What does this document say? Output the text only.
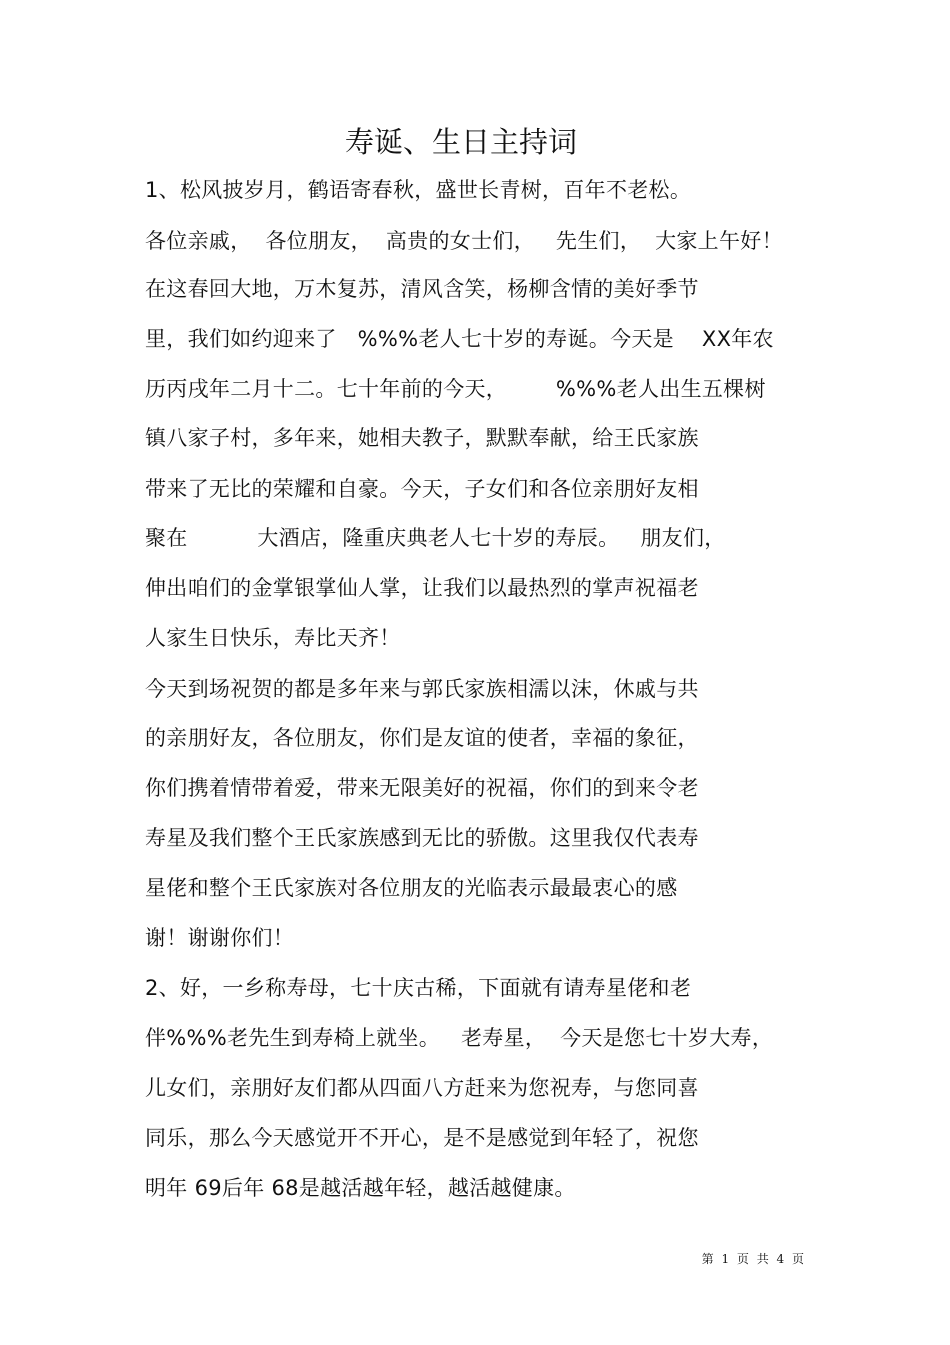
寿诞、生日主持词
1、松风披岁月，鹤语寄春秋，盛世长青树，百年不老松。
各位亲戚，  各位朋友，  高贵的女士们，   先生们，  大家上午好！
在这春回大地，万木复苏，清风含笑，杨柳含情的美好季节
里，我们如约迎来了   %%%老人七十岁的寿诞。今天是    XX年农
历丙戌年二月十二。七十年前的今天，       %%%老人出生五棵树
镇八家子村，多年来，她相夫教子，默默奉献，给王氏家族
带来了无比的荣耀和自豪。今天，子女们和各位亲朋好友相
聚在          大酒店，隆重庆典老人七十岁的寿辰。   朋友们，
伸出咱们的金掌银掌仙人掌，让我们以最热烈的掌声祝福老
人家生日快乐，寿比天齐！
今天到场祝贺的都是多年来与郭氏家族相濡以沫，休戚与共
的亲朋好友，各位朋友，你们是友谊的使者，幸福的象征，
你们携着情带着爱，带来无限美好的祝福，你们的到来令老
寿星及我们整个王氏家族感到无比的骄傲。这里我仅代表寿
星佬和整个王氏家族对各位朋友的光临表示最最衷心的感
谢！谢谢你们！
2、好，一乡称寿母，七十庆古稀，下面就有请寿星佬和老
伴%%%老先生到寿椅上就坐。   老寿星，  今天是您七十岁大寿，
儿女们，亲朋好友们都从四面八方赶来为您祝寿，与您同喜
同乐，那么今天感觉开不开心，是不是感觉到年轻了，祝您
明年 69后年 68是越活越年轻，越活越健康。
第 1 页 共 4 页
